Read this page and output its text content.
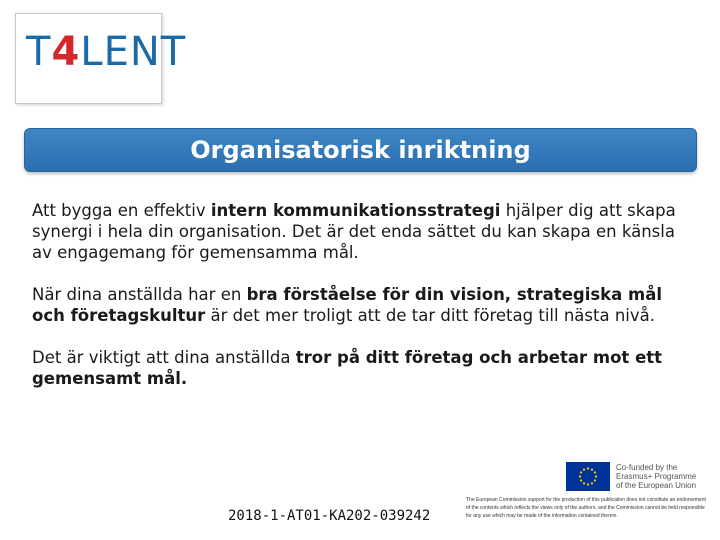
T4LENT
Organisatorisk inriktning

Att bygga en effektiv intern kommunikationsstrategi hjälper dig att skapa synergi i hela din organisation. Det är det enda sättet du kan skapa en känsla av engagemang för gemensamma mål.

När dina anställda har en bra förståelse för din vision, strategiska mål och företagskultur är det mer troligt att de tar ditt företag till nästa nivå.

Det är viktigt att dina anställda tror på ditt företag och arbetar mot ett gemensamt mål.

2018-1-AT01-KA202-039242
Co-funded by the
Erasmus+ Programme
of the European Union
The European Commission support for the production of this publication does not constitute an endorsement of the contents which reflects the views only of the authors, and the Commission cannot be held responsible for any use which may be made of the information contained therein.
